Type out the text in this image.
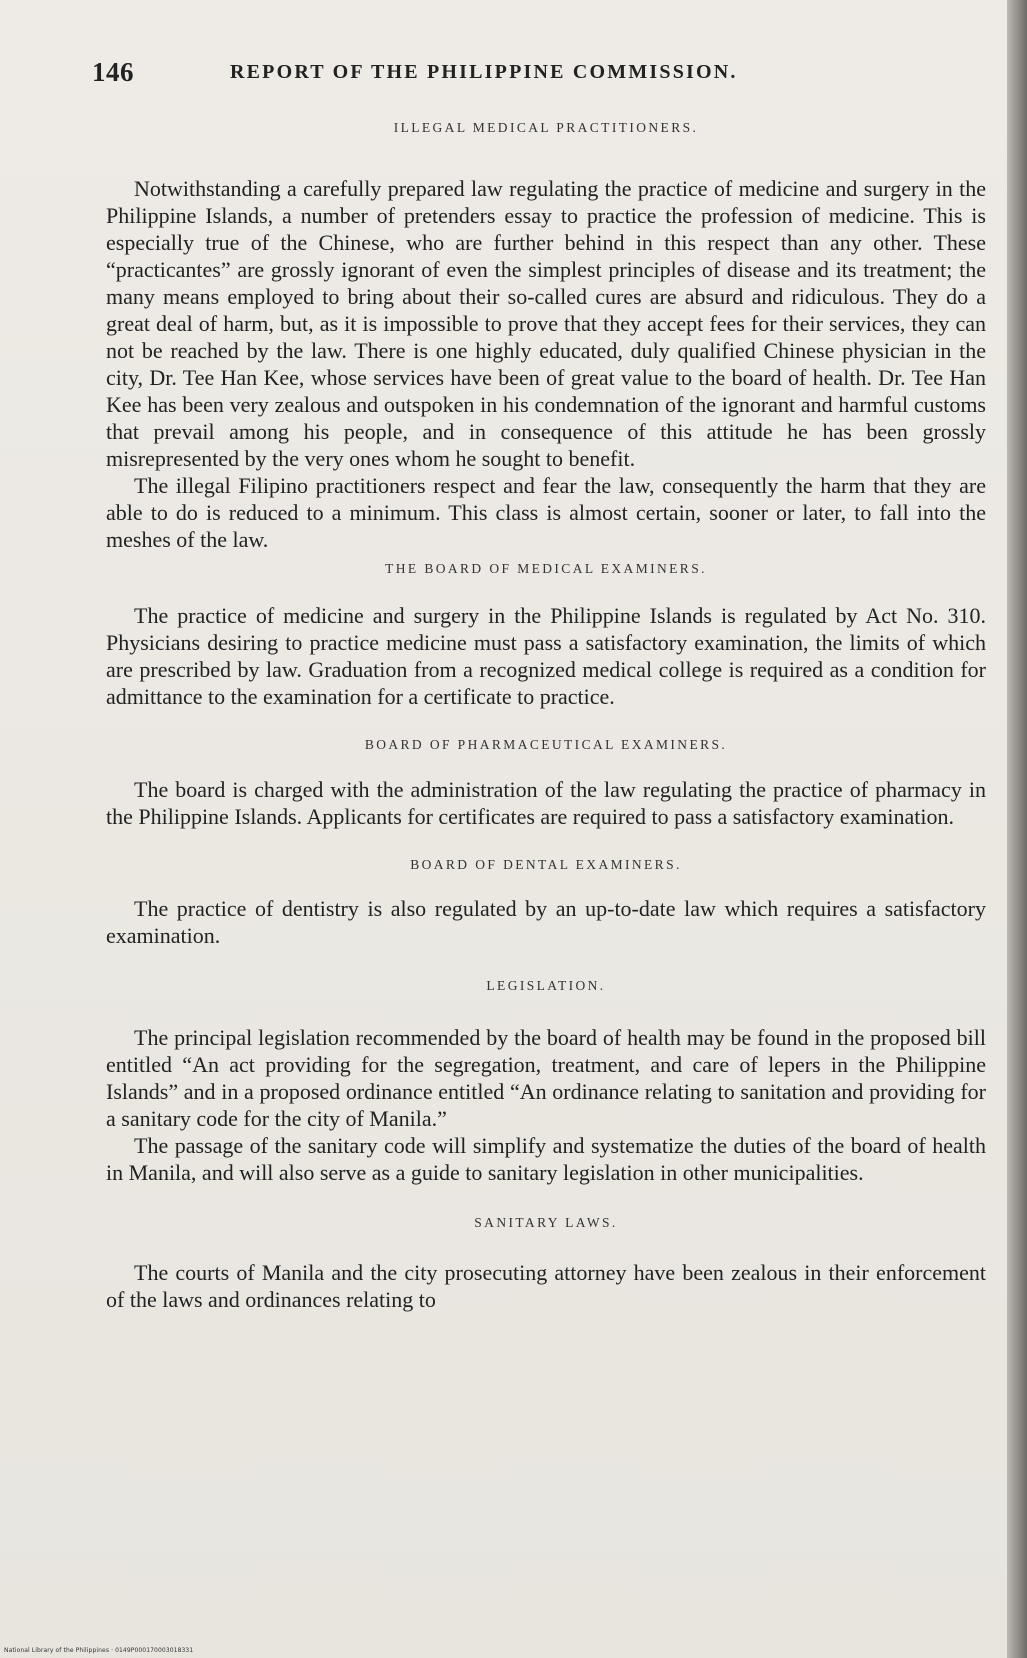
146	REPORT OF THE PHILIPPINE COMMISSION.
ILLEGAL MEDICAL PRACTITIONERS.

Notwithstanding a carefully prepared law regulating the practice of medicine and surgery in the Philippine Islands, a number of pretenders essay to practice the profession of medicine. This is especially true of the Chinese, who are further behind in this respect than any other. These “practicantes” are grossly ignorant of even the simplest principles of disease and its treatment; the many means employed to bring about their so-called cures are absurd and ridiculous. They do a great deal of harm, but, as it is impossible to prove that they accept fees for their services, they can not be reached by the law. There is one highly educated, duly qualified Chinese physician in the city, Dr. Tee Han Kee, whose services have been of great value to the board of health. Dr. Tee Han Kee has been very zealous and outspoken in his condemnation of the ignorant and harmful customs that prevail among his people, and in consequence of this attitude he has been grossly misrepresented by the very ones whom he sought to benefit.

The illegal Filipino practitioners respect and fear the law, consequently the harm that they are able to do is reduced to a minimum. This class is almost certain, sooner or later, to fall into the meshes of the law.

THE BOARD OF MEDICAL EXAMINERS.

The practice of medicine and surgery in the Philippine Islands is regulated by Act No. 310. Physicians desiring to practice medicine must pass a satisfactory examination, the limits of which are prescribed by law. Graduation from a recognized medical college is required as a condition for admittance to the examination for a certificate to practice.

BOARD OF PHARMACEUTICAL EXAMINERS.

The board is charged with the administration of the law regulating the practice of pharmacy in the Philippine Islands. Applicants for certificates are required to pass a satisfactory examination.

BOARD OF DENTAL EXAMINERS.

The practice of dentistry is also regulated by an up-to-date law which requires a satisfactory examination.

LEGISLATION.

The principal legislation recommended by the board of health may be found in the proposed bill entitled “An act providing for the segregation, treatment, and care of lepers in the Philippine Islands” and in a proposed ordinance entitled “An ordinance relating to sanitation and providing for a sanitary code for the city of Manila.”

The passage of the sanitary code will simplify and systematize the duties of the board of health in Manila, and will also serve as a guide to sanitary legislation in other municipalities.

SANITARY LAWS.

The courts of Manila and the city prosecuting attorney have been zealous in their enforcement of the laws and ordinances relating to

National Library of the Philippines · 0149P000170003018331
